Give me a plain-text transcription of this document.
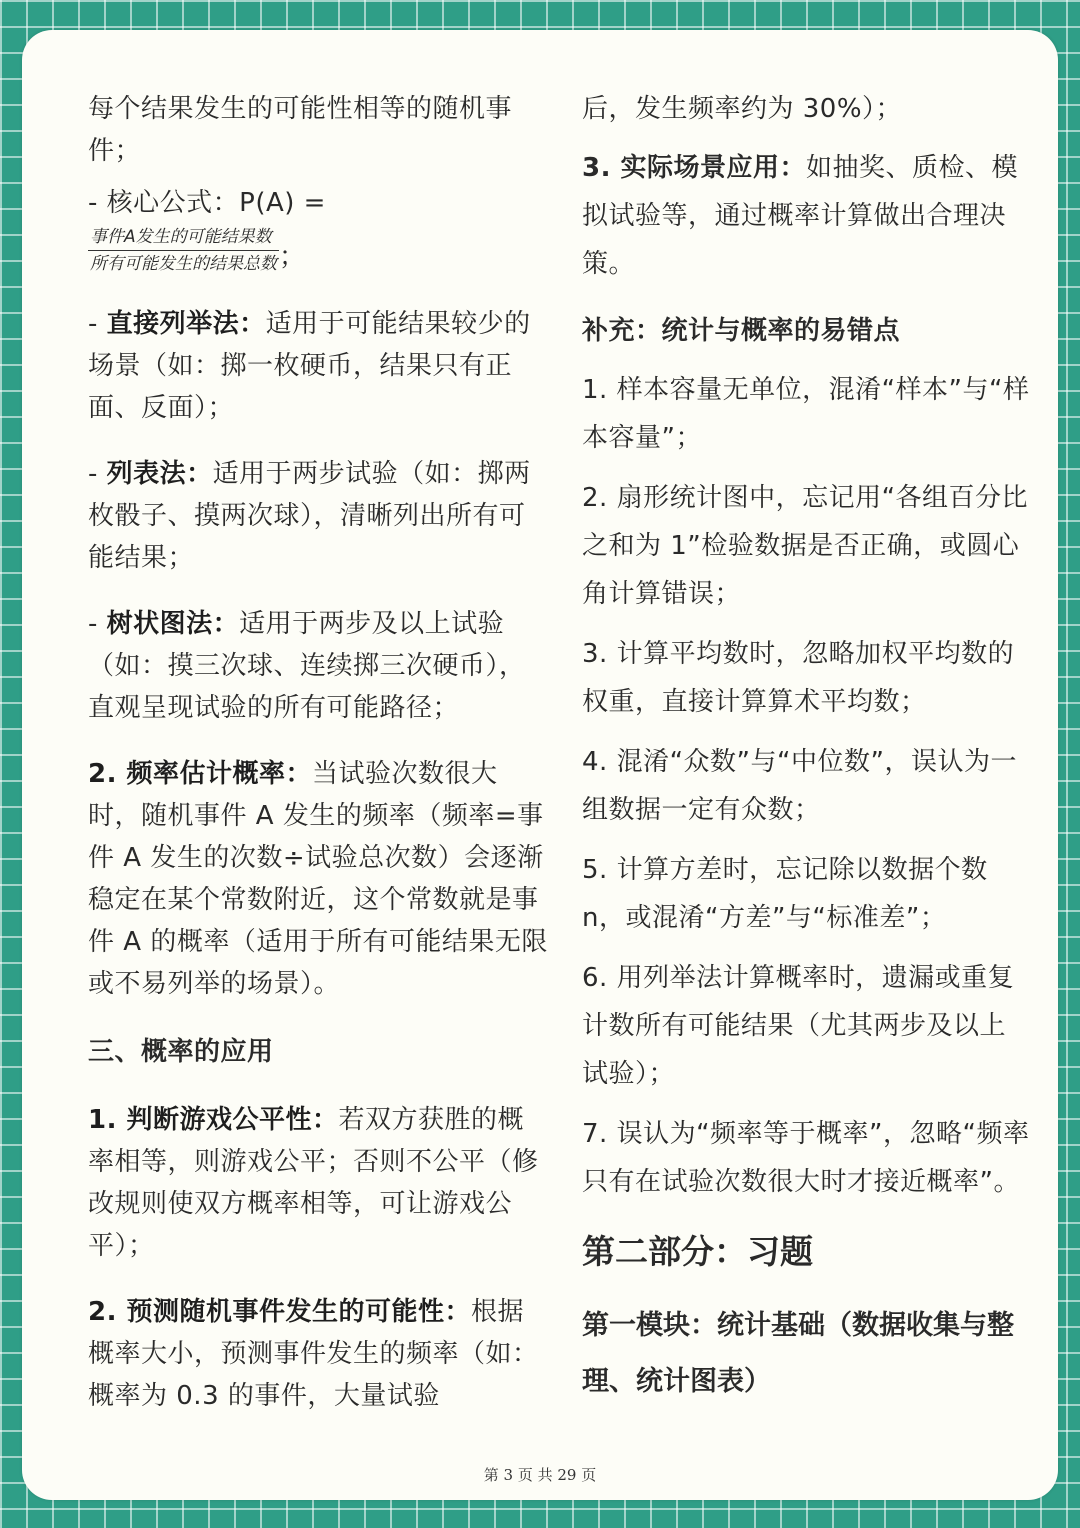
每个结果发生的可能性相等的随机事件；

- 核心公式：P(A) =
$\frac{\text{事件A发生的可能结果数}}{\text{所有可能发生的结果总数}}$ ；

- 直接列举法：适用于可能结果较少的场景（如：掷一枚硬币，结果只有正面、反面）；

- 列表法：适用于两步试验（如：掷两枚骰子、摸两次球），清晰列出所有可能结果；

- 树状图法：适用于两步及以上试验（如：摸三次球、连续掷三次硬币），直观呈现试验的所有可能路径；

2. 频率估计概率：当试验次数很大时，随机事件 A 发生的频率（频率=事件 A 发生的次数÷试验总次数）会逐渐稳定在某个常数附近，这个常数就是事件 A 的概率（适用于所有可能结果无限或不易列举的场景）。

三、概率的应用

1. 判断游戏公平性：若双方获胜的概率相等，则游戏公平；否则不公平（修改规则使双方概率相等，可让游戏公平）；

2. 预测随机事件发生的可能性：根据概率大小，预测事件发生的频率（如：概率为 0.3 的事件，大量试验

后，发生频率约为 30%）；

3. 实际场景应用：如抽奖、质检、模拟试验等，通过概率计算做出合理决策。

补充：统计与概率的易错点

1. 样本容量无单位，混淆“样本”与“样本容量”；

2. 扇形统计图中，忘记用“各组百分比之和为 1”检验数据是否正确，或圆心角计算错误；

3. 计算平均数时，忽略加权平均数的权重，直接计算算术平均数；

4. 混淆“众数”与“中位数”，误认为一组数据一定有众数；

5. 计算方差时，忘记除以数据个数 n，或混淆“方差”与“标准差”；

6. 用列举法计算概率时，遗漏或重复计数所有可能结果（尤其两步及以上试验）；

7. 误认为“频率等于概率”，忽略“频率只有在试验次数很大时才接近概率”。

第二部分：习题

第一模块：统计基础（数据收集与整理、统计图表）

第 3 页 共 29 页
